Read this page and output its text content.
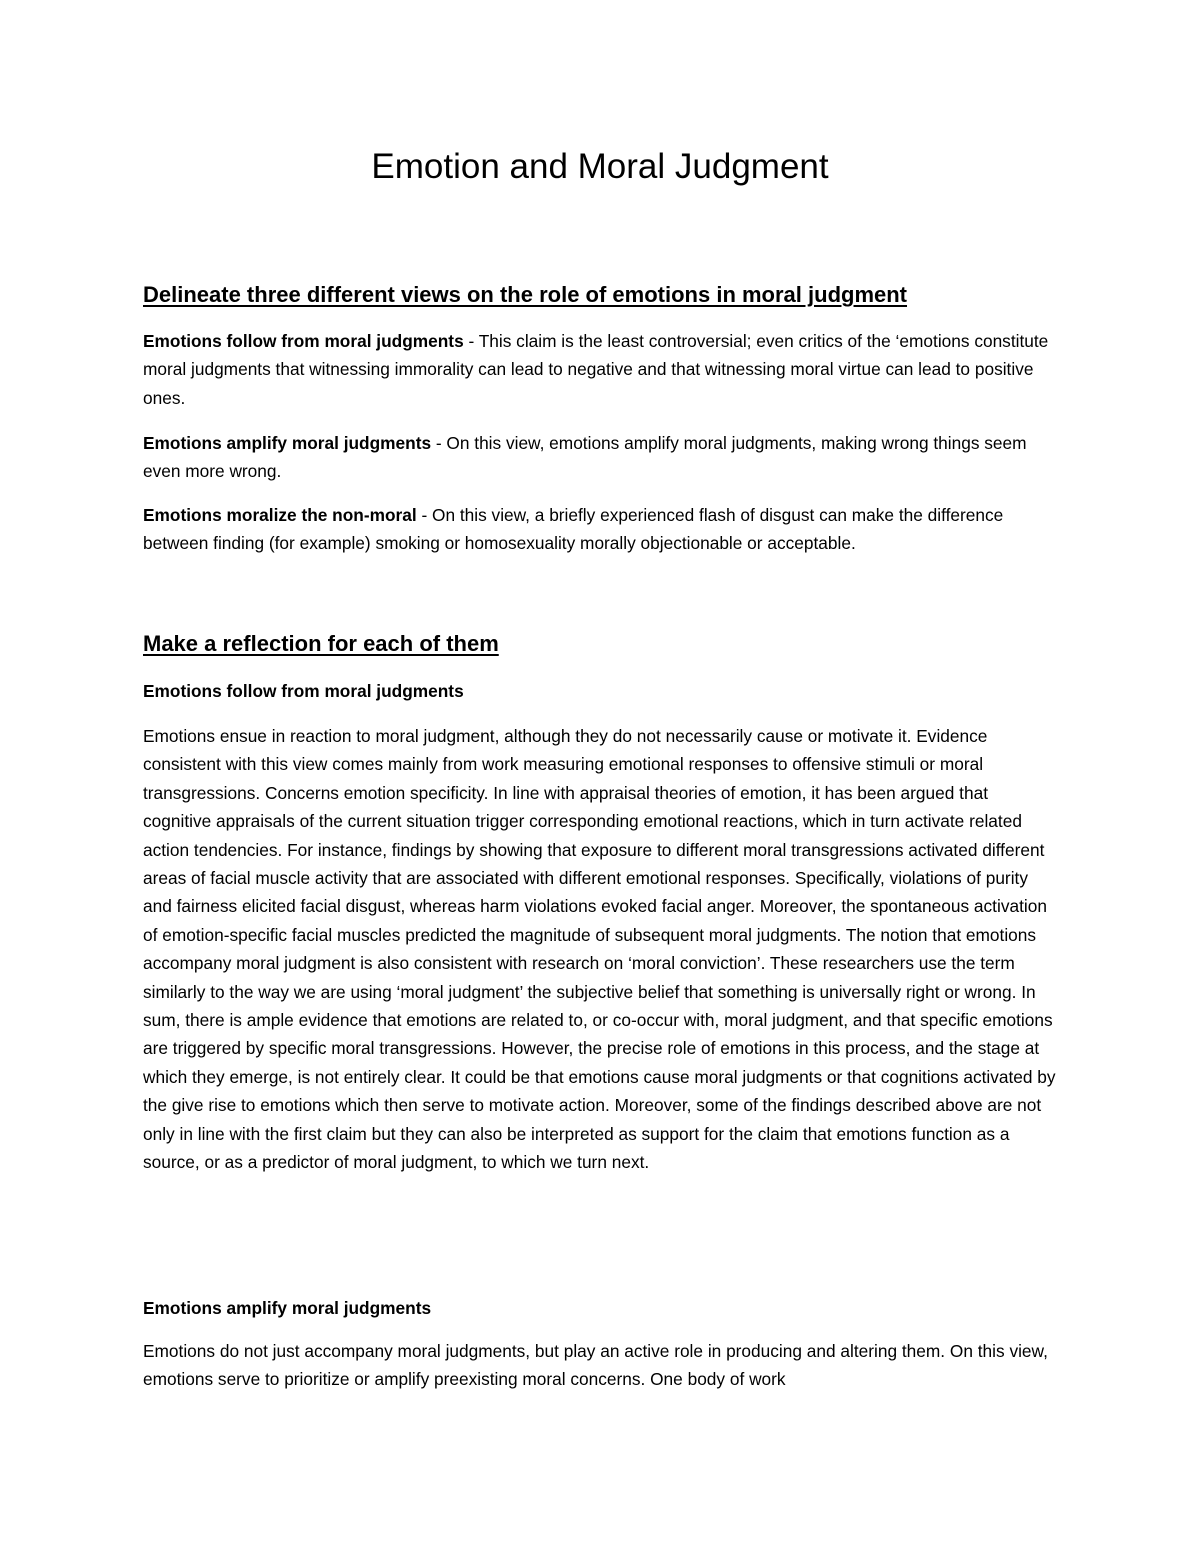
Emotion and Moral Judgment
Delineate three different views on the role of emotions in moral judgment

Emotions follow from moral judgments - This claim is the least controversial; even critics of the ‘emotions constitute moral judgments that witnessing immorality can lead to negative and that witnessing moral virtue can lead to positive ones.

Emotions amplify moral judgments - On this view, emotions amplify moral judgments, making wrong things seem even more wrong.

Emotions moralize the non-moral - On this view, a briefly experienced flash of disgust can make the difference between finding (for example) smoking or homosexuality morally objectionable or acceptable.

Make a reflection for each of them
Emotions follow from moral judgments

Emotions ensue in reaction to moral judgment, although they do not necessarily cause or motivate it. Evidence consistent with this view comes mainly from work measuring emotional responses to offensive stimuli or moral transgressions. Concerns emotion specificity. In line with appraisal theories of emotion, it has been argued that cognitive appraisals of the current situation trigger corresponding emotional reactions, which in turn activate related action tendencies. For instance, findings by showing that exposure to different moral transgressions activated different areas of facial muscle activity that are associated with different emotional responses. Specifically, violations of purity and fairness elicited facial disgust, whereas harm violations evoked facial anger. Moreover, the spontaneous activation of emotion-specific facial muscles predicted the magnitude of subsequent moral judgments. The notion that emotions accompany moral judgment is also consistent with research on ‘moral conviction’. These researchers use the term similarly to the way we are using ‘moral judgment’ the subjective belief that something is universally right or wrong. In sum, there is ample evidence that emotions are related to, or co-occur with, moral judgment, and that specific emotions are triggered by specific moral transgressions. However, the precise role of emotions in this process, and the stage at which they emerge, is not entirely clear. It could be that emotions cause moral judgments or that cognitions activated by the give rise to emotions which then serve to motivate action. Moreover, some of the findings described above are not only in line with the first claim but they can also be interpreted as support for the claim that emotions function as a source, or as a predictor of moral judgment, to which we turn next.

Emotions amplify moral judgments

Emotions do not just accompany moral judgments, but play an active role in producing and altering them. On this view, emotions serve to prioritize or amplify preexisting moral concerns. One body of work
